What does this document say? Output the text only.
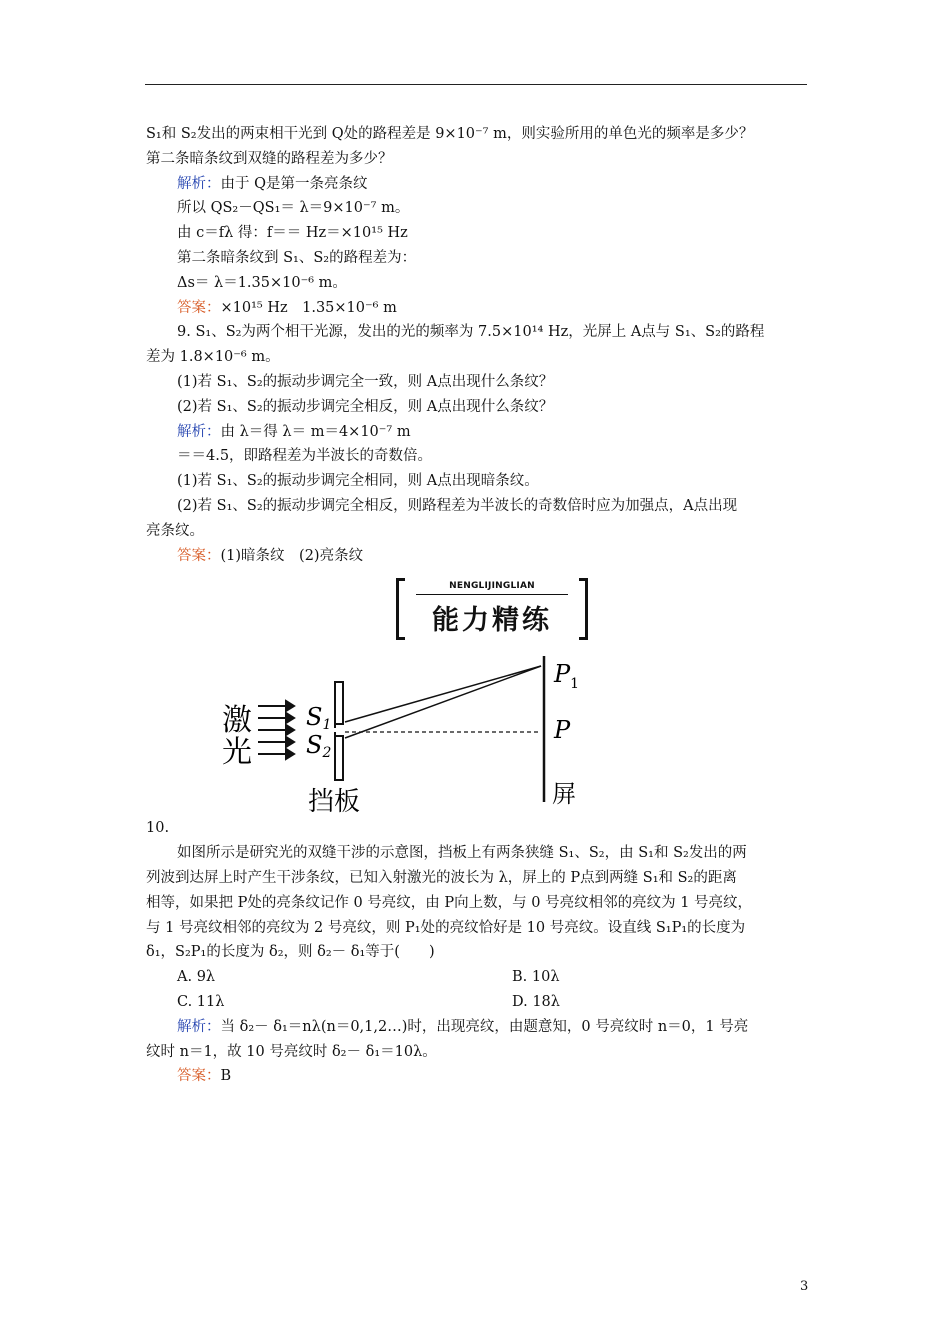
S₁和 S₂发出的两束相干光到 Q处的路程差是 9×10⁻⁷ m，则实验所用的单色光的频率是多少？
第二条暗条纹到双缝的路程差为多少？
解析：由于 Q是第一条亮条纹
所以 QS₂－QS₁＝ λ＝9×10⁻⁷ m。
由 c＝fλ 得：f＝＝ Hz＝×10¹⁵ Hz
第二条暗条纹到 S₁、S₂的路程差为：
Δs＝ λ＝1.35×10⁻⁶ m。
答案：×10¹⁵ Hz　1.35×10⁻⁶ m
9. S₁、S₂为两个相干光源，发出的光的频率为 7.5×10¹⁴ Hz，光屏上 A点与 S₁、S₂的路程
差为 1.8×10⁻⁶ m。
(1)若 S₁、S₂的振动步调完全一致，则 A点出现什么条纹？
(2)若 S₁、S₂的振动步调完全相反，则 A点出现什么条纹？
解析：由 λ＝得 λ＝ m＝4×10⁻⁷ m
＝＝4.5，即路程差为半波长的奇数倍。
(1)若 S₁、S₂的振动步调完全相同，则 A点出现暗条纹。
(2)若 S₁、S₂的振动步调完全相反，则路程差为半波长的奇数倍时应为加强点，A点出现
亮条纹。
答案：(1)暗条纹　(2)亮条纹
10.
如图所示是研究光的双缝干涉的示意图，挡板上有两条狭缝 S₁、S₂，由 S₁和 S₂发出的两
列波到达屏上时产生干涉条纹，已知入射激光的波长为 λ，屏上的 P点到两缝 S₁和 S₂的距离
相等，如果把 P处的亮条纹记作 0 号亮纹，由 P向上数，与 0 号亮纹相邻的亮纹为 1 号亮纹，
与 1 号亮纹相邻的亮纹为 2 号亮纹，则 P₁处的亮纹恰好是 10 号亮纹。设直线 S₁P₁的长度为
δ₁，S₂P₁的长度为 δ₂，则 δ₂－ δ₁等于(　　)
A. 9λ	B. 10λ
C. 11λ	D. 18λ
解析：当 δ₂－ δ₁＝nλ(n＝0,1,2…)时，出现亮纹，由题意知，0 号亮纹时 n＝0，1 号亮
纹时 n＝1，故 10 号亮纹时 δ₂－ δ₁＝10λ。
答案：B
NENGLIJINGLIAN
能力精练
激
光
S1
S2
$P_1$
P
屏
挡板
3
